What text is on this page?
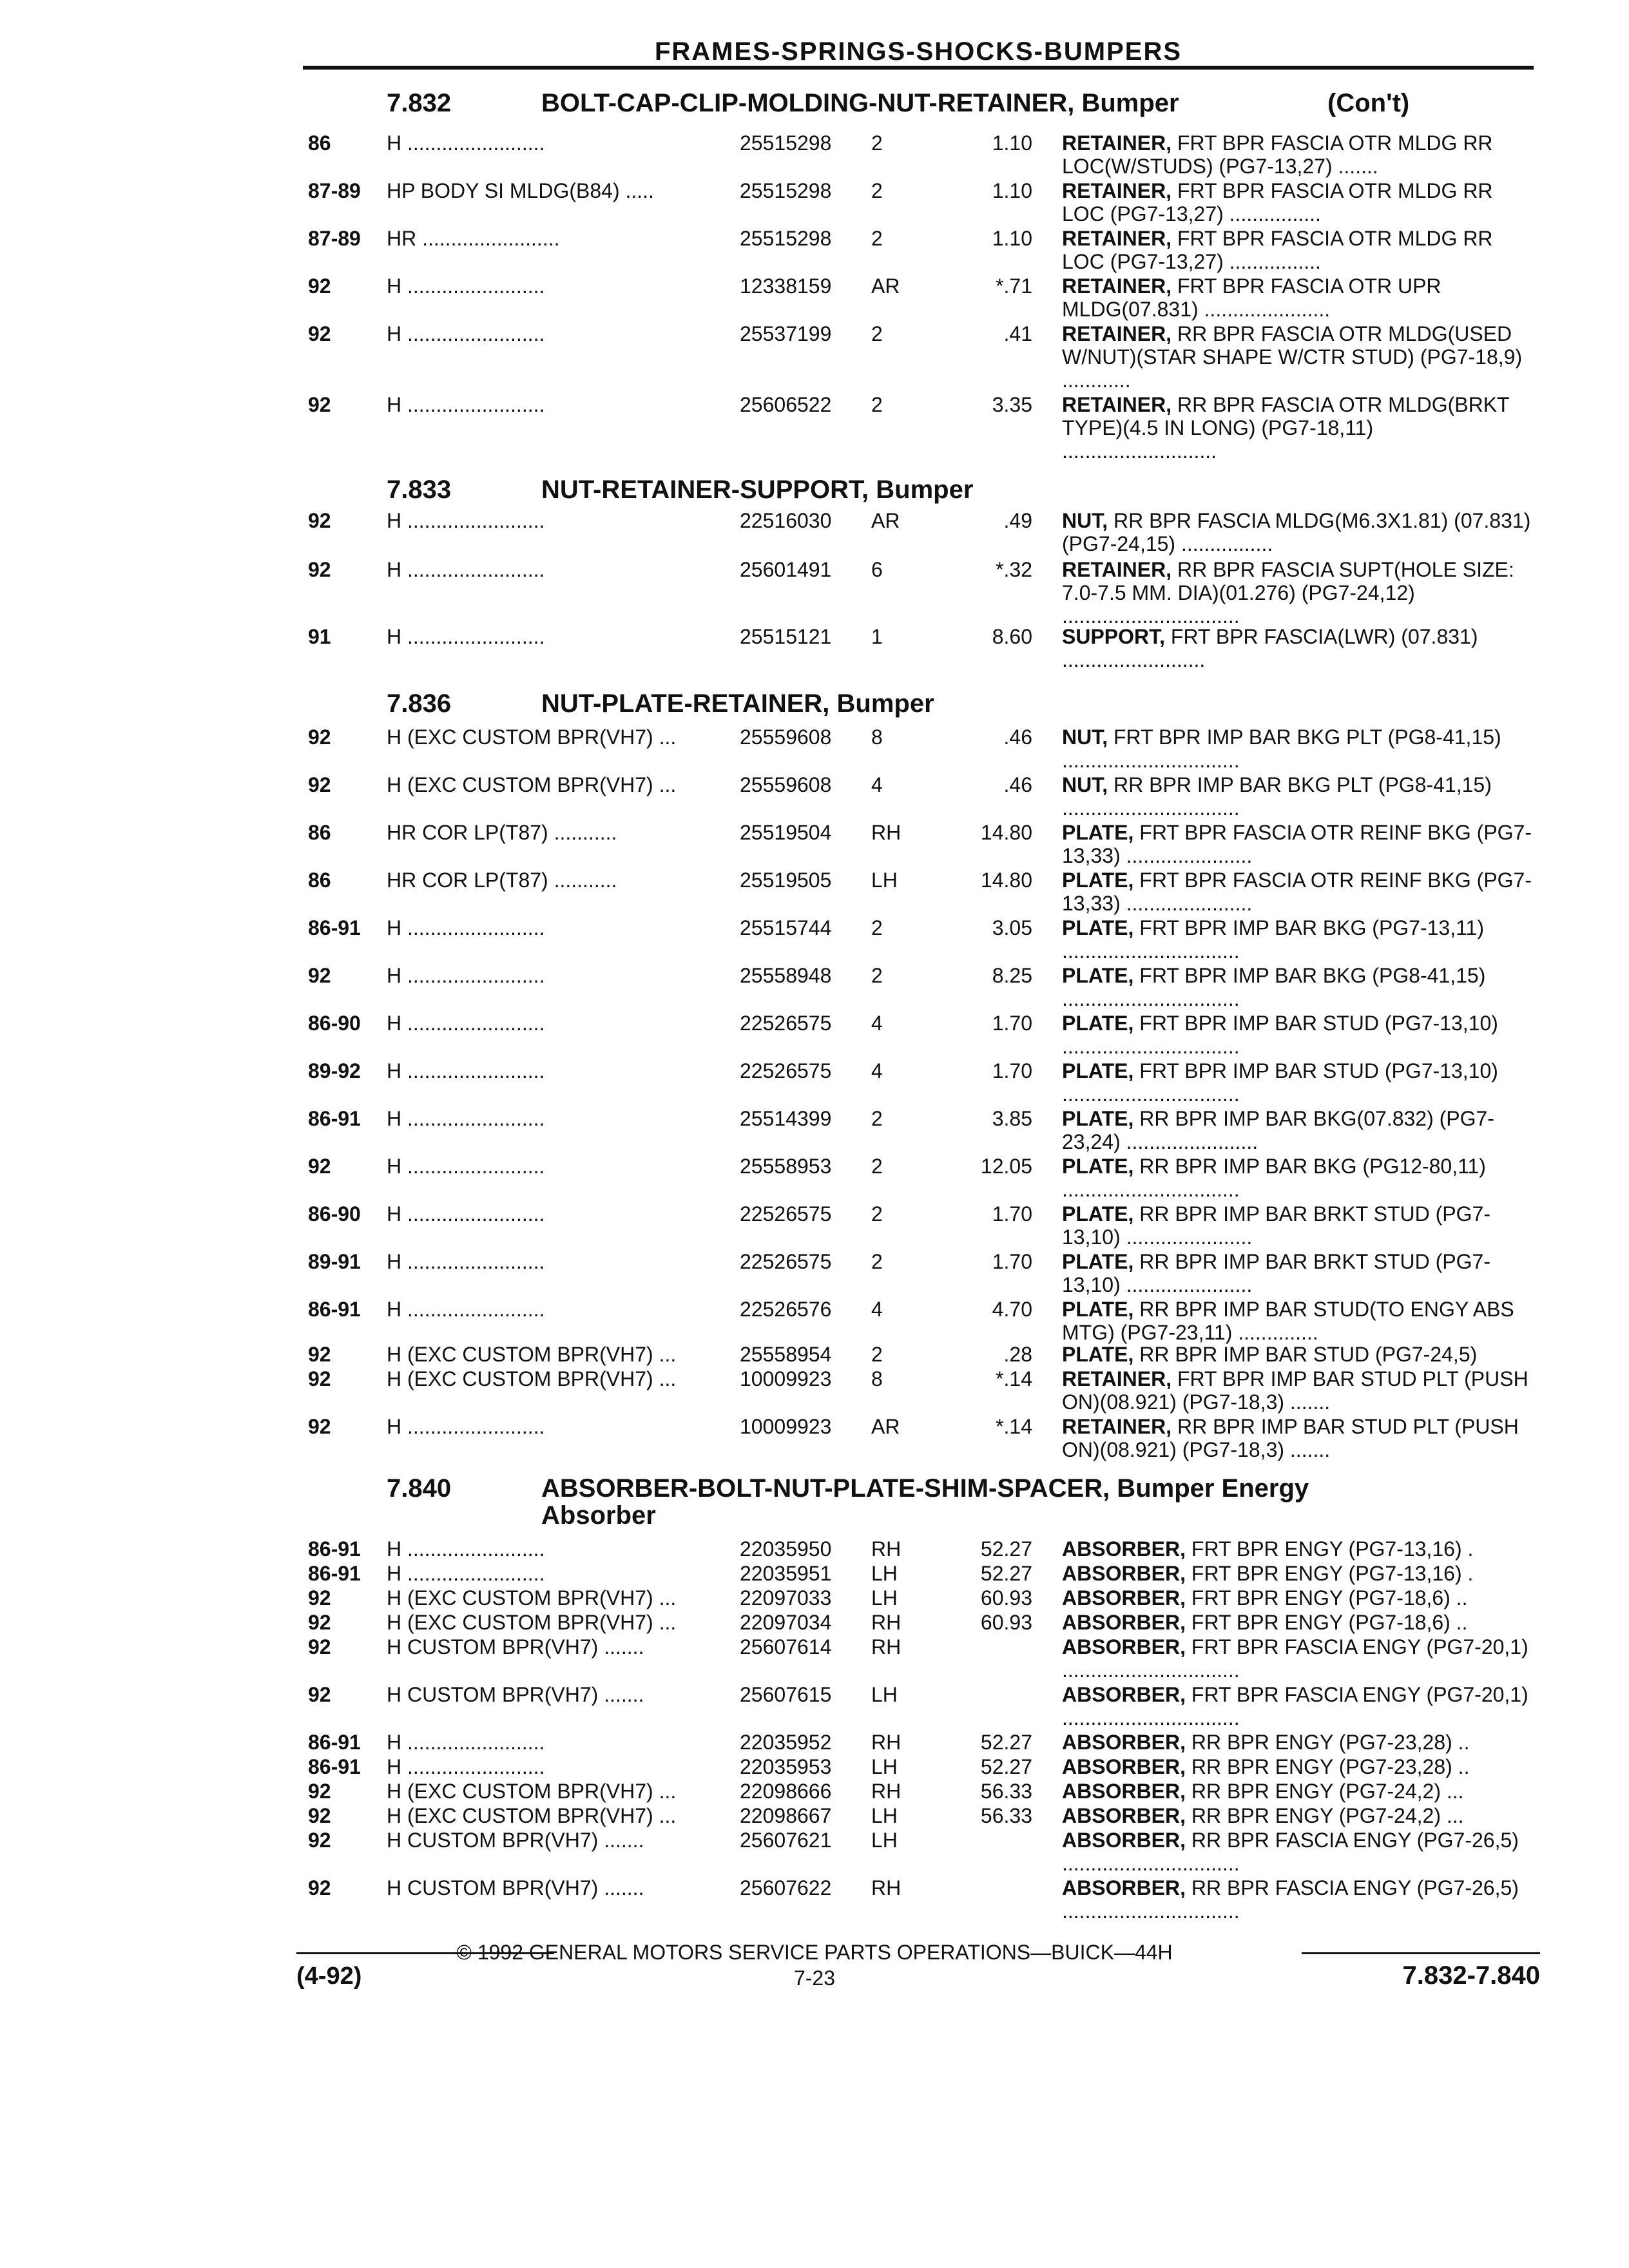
FRAMES-SPRINGS-SHOCKS-BUMPERS
7.832	BOLT-CAP-CLIP-MOLDING-NUT-RETAINER, Bumper	(Con't)
86	H ........................	25515298	2	1.10 RETAINER, FRT BPR FASCIA OTR MLDG RR LOC(W/STUDS) (PG7-13,27) .......
87-89 HP BODY SI MLDG(B84) .....	25515298	2	1.10 RETAINER, FRT BPR FASCIA OTR MLDG RR LOC (PG7-13,27) ................
87-89 HR ........................	25515298	2	1.10 RETAINER, FRT BPR FASCIA OTR MLDG RR LOC (PG7-13,27) ................
92	H ........................	12338159	AR	*.71 RETAINER, FRT BPR FASCIA OTR UPR MLDG(07.831) ......................
92	H ........................	25537199	2	.41 RETAINER, RR BPR FASCIA OTR MLDG(USED W/NUT)(STAR SHAPE W/CTR STUD) (PG7-18,9) ............
92	H ........................	25606522	2	3.35 RETAINER, RR BPR FASCIA OTR MLDG(BRKT TYPE)(4.5 IN LONG) (PG7-18,11) ...........................
7.833	NUT-RETAINER-SUPPORT, Bumper
92	H ........................	22516030	AR	.49 NUT, RR BPR FASCIA MLDG(M6.3X1.81) (07.831) (PG7-24,15) ................
92	H ........................	25601491	6	*.32 RETAINER, RR BPR FASCIA SUPT(HOLE SIZE: 7.0-7.5 MM. DIA)(01.276) (PG7-24,12) ...............................
91	H ........................	25515121	1	8.60 SUPPORT, FRT BPR FASCIA(LWR) (07.831) .........................
7.836	NUT-PLATE-RETAINER, Bumper
92	H (EXC CUSTOM BPR(VH7) ...	25559608	8	.46 NUT, FRT BPR IMP BAR BKG PLT (PG8-41,15) ...............................
92	H (EXC CUSTOM BPR(VH7) ...	25559608	4	.46 NUT, RR BPR IMP BAR BKG PLT (PG8-41,15) ...............................
86	HR COR LP(T87) ...........	25519504	RH	14.80 PLATE, FRT BPR FASCIA OTR REINF BKG (PG7-13,33) ......................
86	HR COR LP(T87) ...........	25519505	LH	14.80 PLATE, FRT BPR FASCIA OTR REINF BKG (PG7-13,33) ......................
86-91 H ........................	25515744	2	3.05 PLATE, FRT BPR IMP BAR BKG (PG7-13,11) ...............................
92	H ........................	25558948	2	8.25 PLATE, FRT BPR IMP BAR BKG (PG8-41,15) ...............................
86-90 H ........................	22526575	4	1.70 PLATE, FRT BPR IMP BAR STUD (PG7-13,10) ...............................
89-92 H ........................	22526575	4	1.70 PLATE, FRT BPR IMP BAR STUD (PG7-13,10) ...............................
86-91 H ........................	25514399	2	3.85 PLATE, RR BPR IMP BAR BKG(07.832) (PG7-23,24) .......................
92	H ........................	25558953	2	12.05 PLATE, RR BPR IMP BAR BKG (PG12-80,11) ...............................
86-90 H ........................	22526575	2	1.70 PLATE, RR BPR IMP BAR BRKT STUD (PG7-13,10) ......................
89-91 H ........................	22526575	2	1.70 PLATE, RR BPR IMP BAR BRKT STUD (PG7-13,10) ......................
86-91 H ........................	22526576	4	4.70 PLATE, RR BPR IMP BAR STUD(TO ENGY ABS MTG) (PG7-23,11) ..............
92	H (EXC CUSTOM BPR(VH7) ...	25558954	2	.28 PLATE, RR BPR IMP BAR STUD (PG7-24,5)
92	H (EXC CUSTOM BPR(VH7) ...	10009923	8	*.14 RETAINER, FRT BPR IMP BAR STUD PLT (PUSH ON)(08.921) (PG7-18,3) .......
92	H ........................	10009923	AR	*.14 RETAINER, RR BPR IMP BAR STUD PLT (PUSH ON)(08.921) (PG7-18,3) .......
7.840	ABSORBER-BOLT-NUT-PLATE-SHIM-SPACER, Bumper Energy
Absorber
86-91 H ........................	22035950	RH	52.27 ABSORBER, FRT BPR ENGY (PG7-13,16) .
86-91 H ........................	22035951	LH	52.27 ABSORBER, FRT BPR ENGY (PG7-13,16) .
92	H (EXC CUSTOM BPR(VH7) ...	22097033	LH	60.93 ABSORBER, FRT BPR ENGY (PG7-18,6) ..
92	H (EXC CUSTOM BPR(VH7) ...	22097034	RH	60.93 ABSORBER, FRT BPR ENGY (PG7-18,6) ..
92	H CUSTOM BPR(VH7) .......	25607614	RH	ABSORBER, FRT BPR FASCIA ENGY (PG7-20,1) ...............................
92	H CUSTOM BPR(VH7) .......	25607615	LH	ABSORBER, FRT BPR FASCIA ENGY (PG7-20,1) ...............................
86-91 H ........................	22035952	RH	52.27 ABSORBER, RR BPR ENGY (PG7-23,28) ..
86-91 H ........................	22035953	LH	52.27 ABSORBER, RR BPR ENGY (PG7-23,28) ..
92	H (EXC CUSTOM BPR(VH7) ...	22098666	RH	56.33 ABSORBER, RR BPR ENGY (PG7-24,2) ...
92	H (EXC CUSTOM BPR(VH7) ...	22098667	LH	56.33 ABSORBER, RR BPR ENGY (PG7-24,2) ...
92	H CUSTOM BPR(VH7) .......	25607621	LH	ABSORBER, RR BPR FASCIA ENGY (PG7-26,5) ...............................
92	H CUSTOM BPR(VH7) .......	25607622	RH	ABSORBER, RR BPR FASCIA ENGY (PG7-26,5) ...............................
© 1992 GENERAL MOTORS SERVICE PARTS OPERATIONS—BUICK—44H
(4-92)	7-23	7.832-7.840
